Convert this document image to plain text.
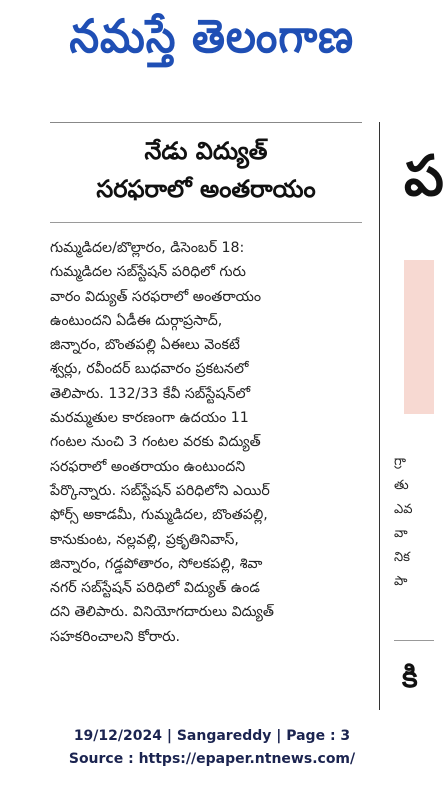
నమస్తే తెలంగాణ
నేడు విద్యుత్
సరఫరాలో అంతరాయం
గుమ్మడిదల/బొల్లారం, డిసెంబర్ 18:
గుమ్మడిదల సబ్‌స్టేషన్ పరిధిలో గురు
వారం విద్యుత్ సరఫరాలో అంతరాయం
ఉంటుందని ఏడీఈ దుర్గాప్రసాద్,
జిన్నారం, బొంతపల్లి ఏఈలు వెంకటే
శ్వర్లు, రవీందర్ బుధవారం ప్రకటనలో
తెలిపారు. 132/33 కేవీ సబ్‌స్టేషన్‌లో
మరమ్మతుల కారణంగా ఉదయం 11
గంటల నుంచి 3 గంటల వరకు విద్యుత్
సరఫరాలో అంతరాయం ఉంటుందని
పేర్కొన్నారు. సబ్‌స్టేషన్ పరిధిలోని ఎయిర్
ఫోర్స్ అకాడమీ, గుమ్మడిదల, బొంతపల్లి,
కానుకుంట, నల్లవల్లి, ప్రకృతినివాస్,
జిన్నారం, గడ్డపోతారం, సోలకపల్లి, శివా
నగర్ సబ్‌స్టేషన్ పరిధిలో విద్యుత్ ఉండ
దని తెలిపారు. వినియోగదారులు విద్యుత్
సహకరించాలని కోరారు.
ప
గ్రా
తు
ఎవ
వా
నిక
పా
కి
19/12/2024 | Sangareddy | Page : 3
Source : https://epaper.ntnews.com/
